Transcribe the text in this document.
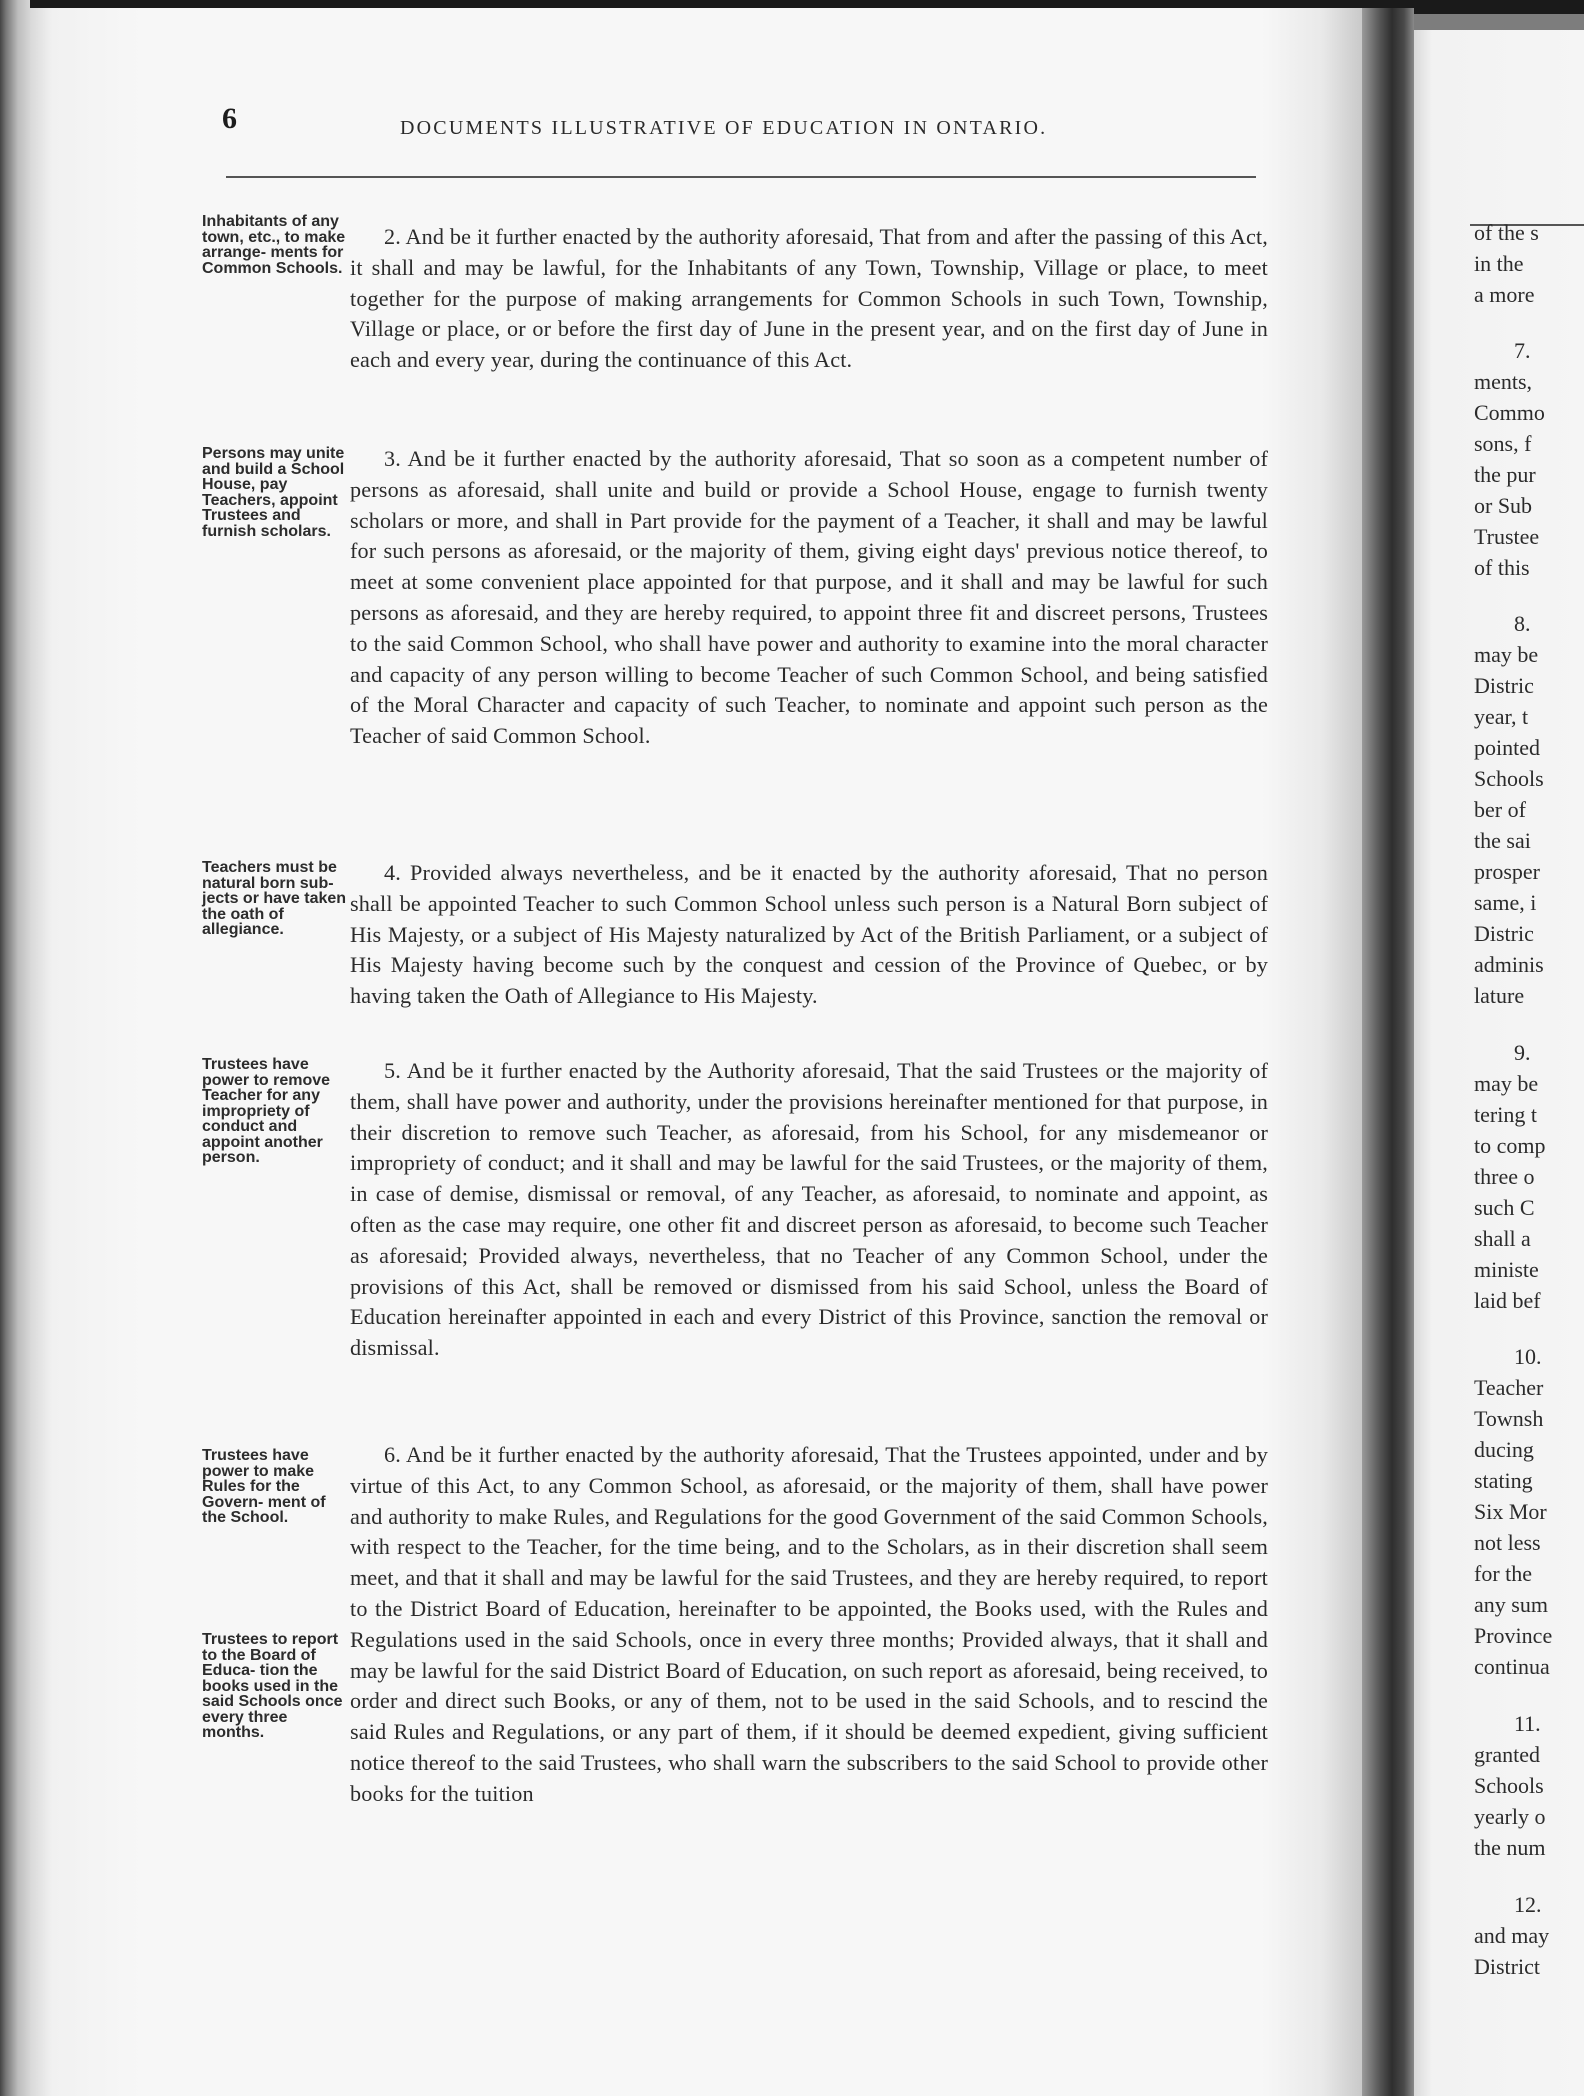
of the s
in the
a more
7.
ments,
Commo
sons, f
the pur
or Sub
Trustee
of this
8.
may be
Distric
year, t
pointed
Schools
ber of
the sai
prosper
same, i
Distric
adminis
lature
9.
may be
tering t
to comp
three o
such C
shall a
ministe
laid bef
10.
Teacher
Townsh
ducing
stating
Six Mor
not less
for the
any sum
Province
continua
11.
granted
Schools
yearly o
the num
12.
and may
District
6	DOCUMENTS ILLUSTRATIVE OF EDUCATION IN ONTARIO.
Inhabitants of any town, etc., to make arrange- ments for Common Schools.
Persons may unite and build a School House, pay Teachers, appoint Trustees and furnish scholars.
Teachers must be natural born sub- jects or have taken the oath of allegiance.
Trustees have power to remove Teacher for any impropriety of conduct and appoint another person.
Trustees have power to make Rules for the Govern- ment of the School.
Trustees to report to the Board of Educa- tion the books used in the said Schools once every three months.
2. And be it further enacted by the authority aforesaid, That from and after the passing of this Act, it shall and may be lawful, for the Inhabitants of any Town, Township, Village or place, to meet together for the purpose of making arrangements for Common Schools in such Town, Township, Village or place, or or before the first day of June in the present year, and on the first day of June in each and every year, during the continuance of this Act.
3. And be it further enacted by the authority aforesaid, That so soon as a competent number of persons as aforesaid, shall unite and build or provide a School House, engage to furnish twenty scholars or more, and shall in Part provide for the payment of a Teacher, it shall and may be lawful for such persons as aforesaid, or the majority of them, giving eight days' previous notice thereof, to meet at some convenient place appointed for that purpose, and it shall and may be lawful for such persons as aforesaid, and they are hereby required, to appoint three fit and discreet persons, Trustees to the said Common School, who shall have power and authority to examine into the moral character and capacity of any person willing to become Teacher of such Common School, and being satisfied of the Moral Character and capacity of such Teacher, to nominate and appoint such person as the Teacher of said Common School.
4. Provided always nevertheless, and be it enacted by the authority aforesaid, That no person shall be appointed Teacher to such Common School unless such person is a Natural Born subject of His Majesty, or a subject of His Majesty naturalized by Act of the British Parliament, or a subject of His Majesty having become such by the conquest and cession of the Province of Quebec, or by having taken the Oath of Allegiance to His Majesty.
5. And be it further enacted by the Authority aforesaid, That the said Trustees or the majority of them, shall have power and authority, under the provisions hereinafter mentioned for that purpose, in their discretion to remove such Teacher, as aforesaid, from his School, for any misdemeanor or impropriety of conduct; and it shall and may be lawful for the said Trustees, or the majority of them, in case of demise, dismissal or removal, of any Teacher, as aforesaid, to nominate and appoint, as often as the case may require, one other fit and discreet person as aforesaid, to become such Teacher as aforesaid; Provided always, nevertheless, that no Teacher of any Common School, under the provisions of this Act, shall be removed or dismissed from his said School, unless the Board of Education hereinafter appointed in each and every District of this Province, sanction the removal or dismissal.
6. And be it further enacted by the authority aforesaid, That the Trustees appointed, under and by virtue of this Act, to any Common School, as aforesaid, or the majority of them, shall have power and authority to make Rules, and Regulations for the good Government of the said Common Schools, with respect to the Teacher, for the time being, and to the Scholars, as in their discretion shall seem meet, and that it shall and may be lawful for the said Trustees, and they are hereby required, to report to the District Board of Education, hereinafter to be appointed, the Books used, with the Rules and Regulations used in the said Schools, once in every three months; Provided always, that it shall and may be lawful for the said District Board of Education, on such report as aforesaid, being received, to order and direct such Books, or any of them, not to be used in the said Schools, and to rescind the said Rules and Regulations, or any part of them, if it should be deemed expedient, giving sufficient notice thereof to the said Trustees, who shall warn the subscribers to the said School to provide other books for the tuition
